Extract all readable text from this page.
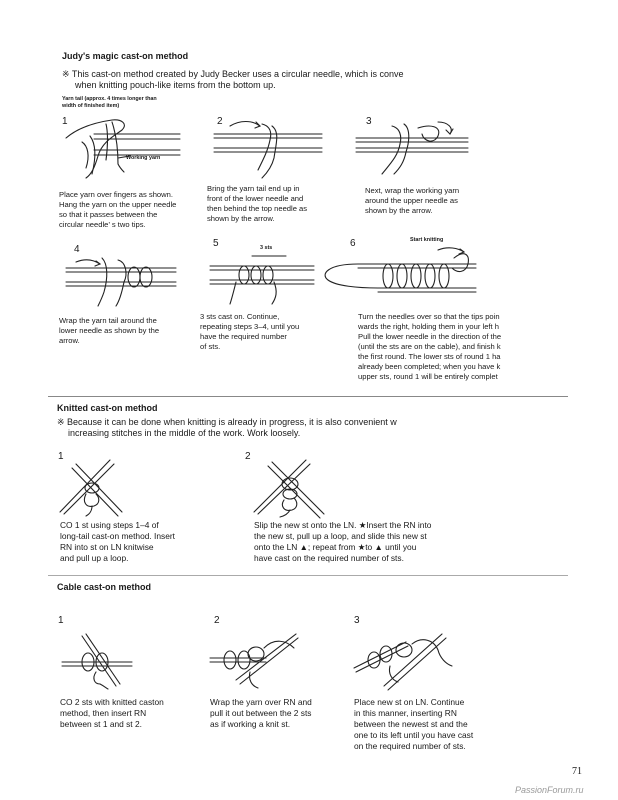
Judy's magic cast-on method
※ This cast-on method created by Judy Becker uses a circular needle, which is conve
when knitting pouch-like items from the bottom up.
Yarn tail (approx. 4 times longer than
width of finished item)
1
Working yarn
Place yarn over fingers as shown.
Hang the yarn on the upper needle
so that it passes between the
circular needle’ s two tips.
2
Bring the yarn tail end up in
front of the lower needle and
then behind the top needle as
shown by the arrow.
3
Next, wrap the working yarn
around the upper needle as
shown by the arrow.
4
Wrap the yarn tail around the
lower needle as shown by the
arrow.
5	3 sts
3 sts cast on. Continue,
repeating steps 3–4, until you
have the required number
of sts.
6	Start knitting
Turn the needles over so that the tips poin
wards the right, holding them in your left h
Pull the lower needle in the direction of the
(until the sts are on the cable), and finish k
the first round. The lower sts of round 1 ha
already been completed; when you have k
upper sts, round 1 will be entirely complet
Knitted cast-on method
※ Because it can be done when knitting is already in progress, it is also convenient w
increasing stitches in the middle of the work. Work loosely.
1
CO 1 st using steps 1–4 of
long-tail cast-on method. Insert
RN into st on LN knitwise
and pull up a loop.
2
Slip the new st onto the LN. ★Insert the RN into
the new st, pull up a loop, and slide this new st
onto the LN ▲; repeat from ★to ▲ until you
have cast on the required number of sts.
Cable cast-on method
1
CO 2 sts with knitted caston
method, then insert RN
between st 1 and st 2.
2
Wrap the yarn over RN and
pull it out between the 2 sts
as if working a knit st.
3
Place new st on LN. Continue
in this manner, inserting RN
between the newest st and the
one to its left until you have cast
on the required number of sts.
71
PassionForum.ru
